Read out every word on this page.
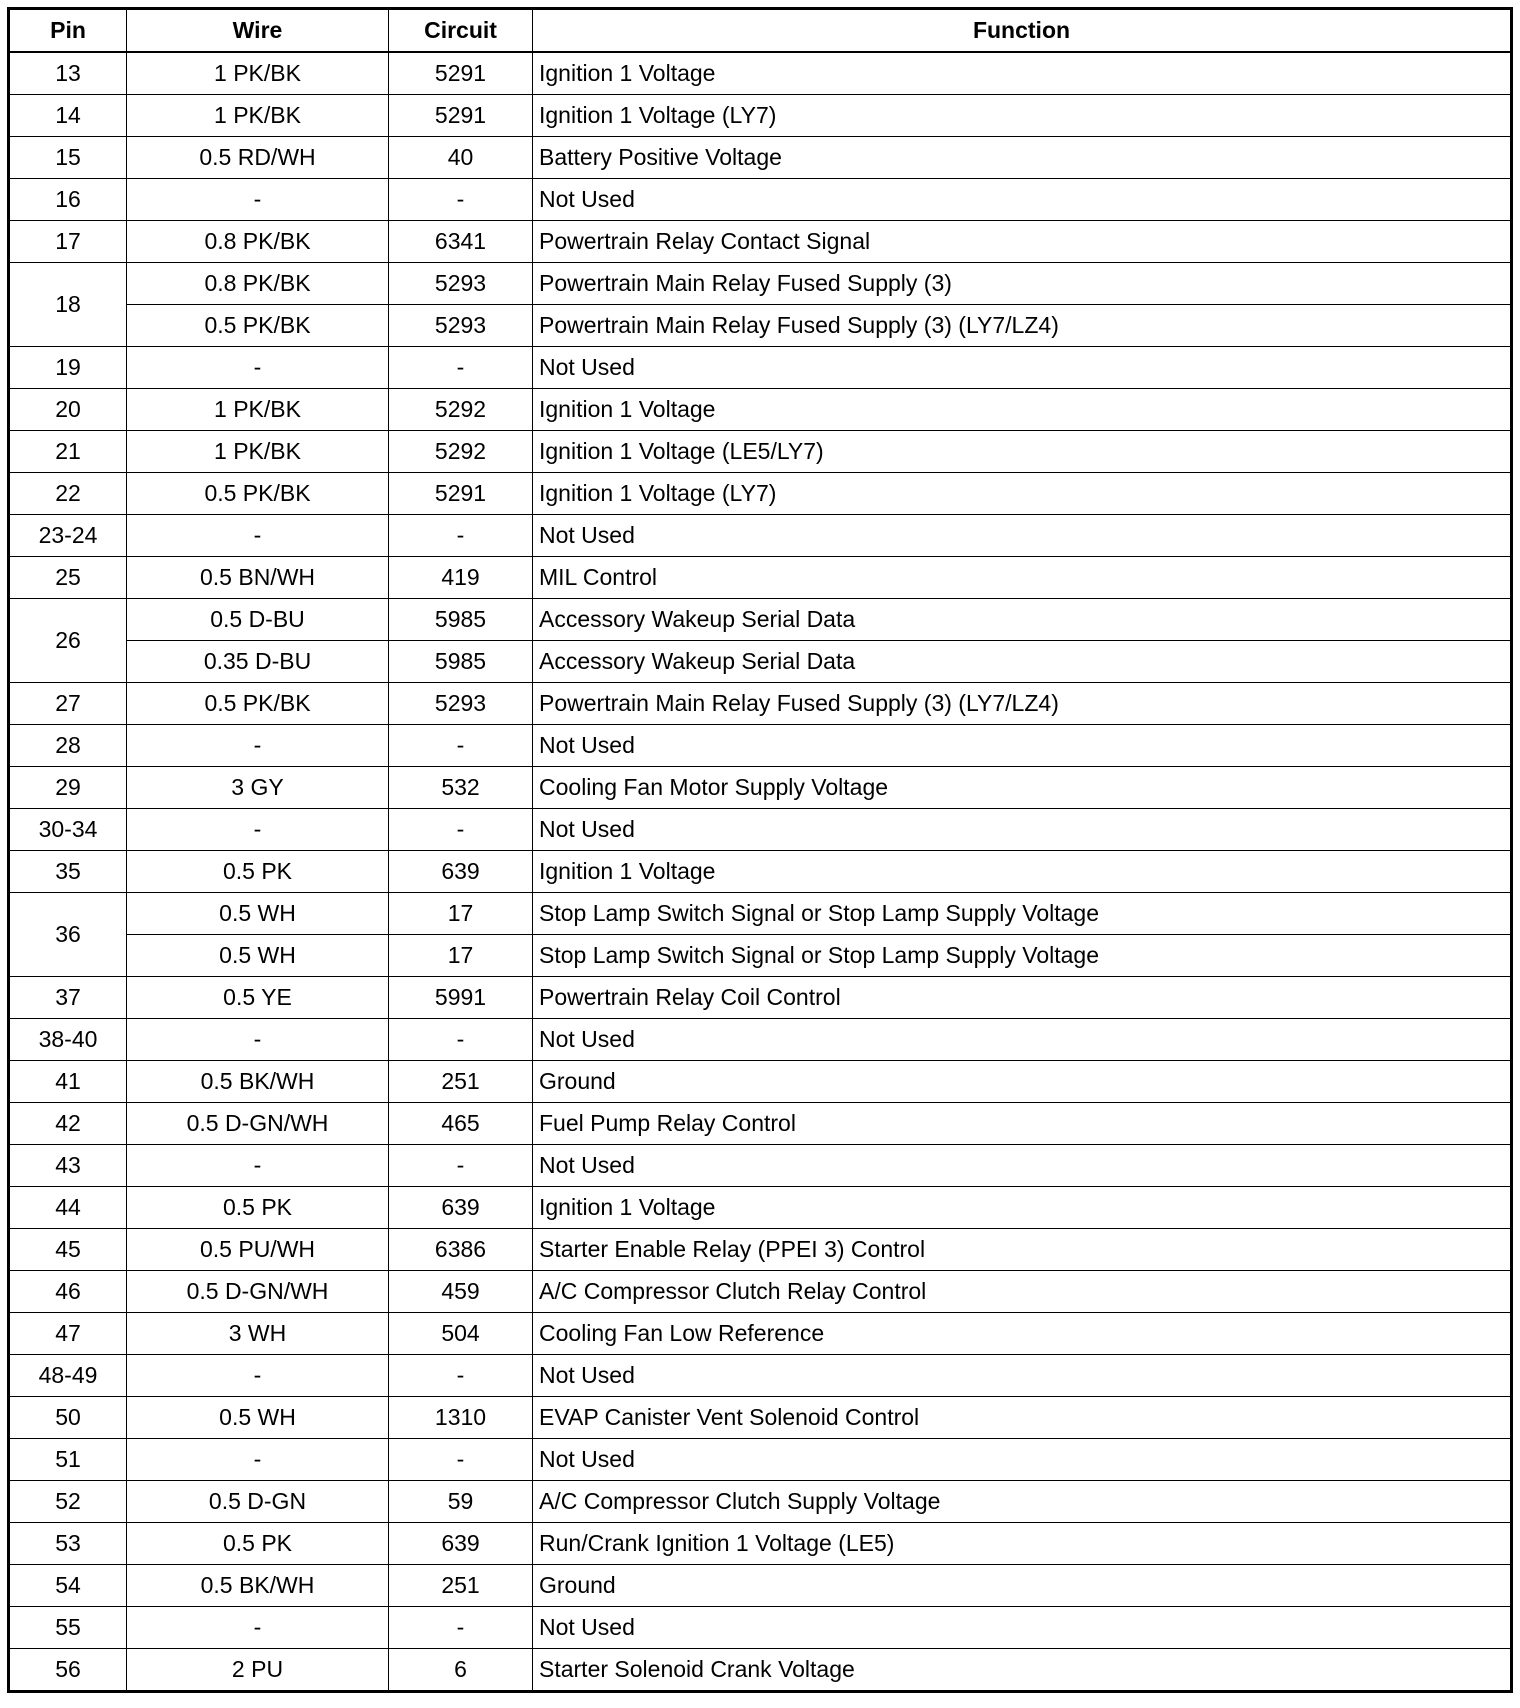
Pin	Wire	Circuit	Function
13	1 PK/BK	5291	Ignition 1 Voltage
14	1 PK/BK	5291	Ignition 1 Voltage (LY7)
15	0.5 RD/WH	40	Battery Positive Voltage
16	-	-	Not Used
17	0.8 PK/BK	6341	Powertrain Relay Contact Signal
18	0.8 PK/BK	5293	Powertrain Main Relay Fused Supply (3)
	0.5 PK/BK	5293	Powertrain Main Relay Fused Supply (3) (LY7/LZ4)
19	-	-	Not Used
20	1 PK/BK	5292	Ignition 1 Voltage
21	1 PK/BK	5292	Ignition 1 Voltage (LE5/LY7)
22	0.5 PK/BK	5291	Ignition 1 Voltage (LY7)
23-24	-	-	Not Used
25	0.5 BN/WH	419	MIL Control
26	0.5 D-BU	5985	Accessory Wakeup Serial Data
	0.35 D-BU	5985	Accessory Wakeup Serial Data
27	0.5 PK/BK	5293	Powertrain Main Relay Fused Supply (3) (LY7/LZ4)
28	-	-	Not Used
29	3 GY	532	Cooling Fan Motor Supply Voltage
30-34	-	-	Not Used
35	0.5 PK	639	Ignition 1 Voltage
36	0.5 WH	17	Stop Lamp Switch Signal or Stop Lamp Supply Voltage
	0.5 WH	17	Stop Lamp Switch Signal or Stop Lamp Supply Voltage
37	0.5 YE	5991	Powertrain Relay Coil Control
38-40	-	-	Not Used
41	0.5 BK/WH	251	Ground
42	0.5 D-GN/WH	465	Fuel Pump Relay Control
43	-	-	Not Used
44	0.5 PK	639	Ignition 1 Voltage
45	0.5 PU/WH	6386	Starter Enable Relay (PPEI 3) Control
46	0.5 D-GN/WH	459	A/C Compressor Clutch Relay Control
47	3 WH	504	Cooling Fan Low Reference
48-49	-	-	Not Used
50	0.5 WH	1310	EVAP Canister Vent Solenoid Control
51	-	-	Not Used
52	0.5 D-GN	59	A/C Compressor Clutch Supply Voltage
53	0.5 PK	639	Run/Crank Ignition 1 Voltage (LE5)
54	0.5 BK/WH	251	Ground
55	-	-	Not Used
56	2 PU	6	Starter Solenoid Crank Voltage
